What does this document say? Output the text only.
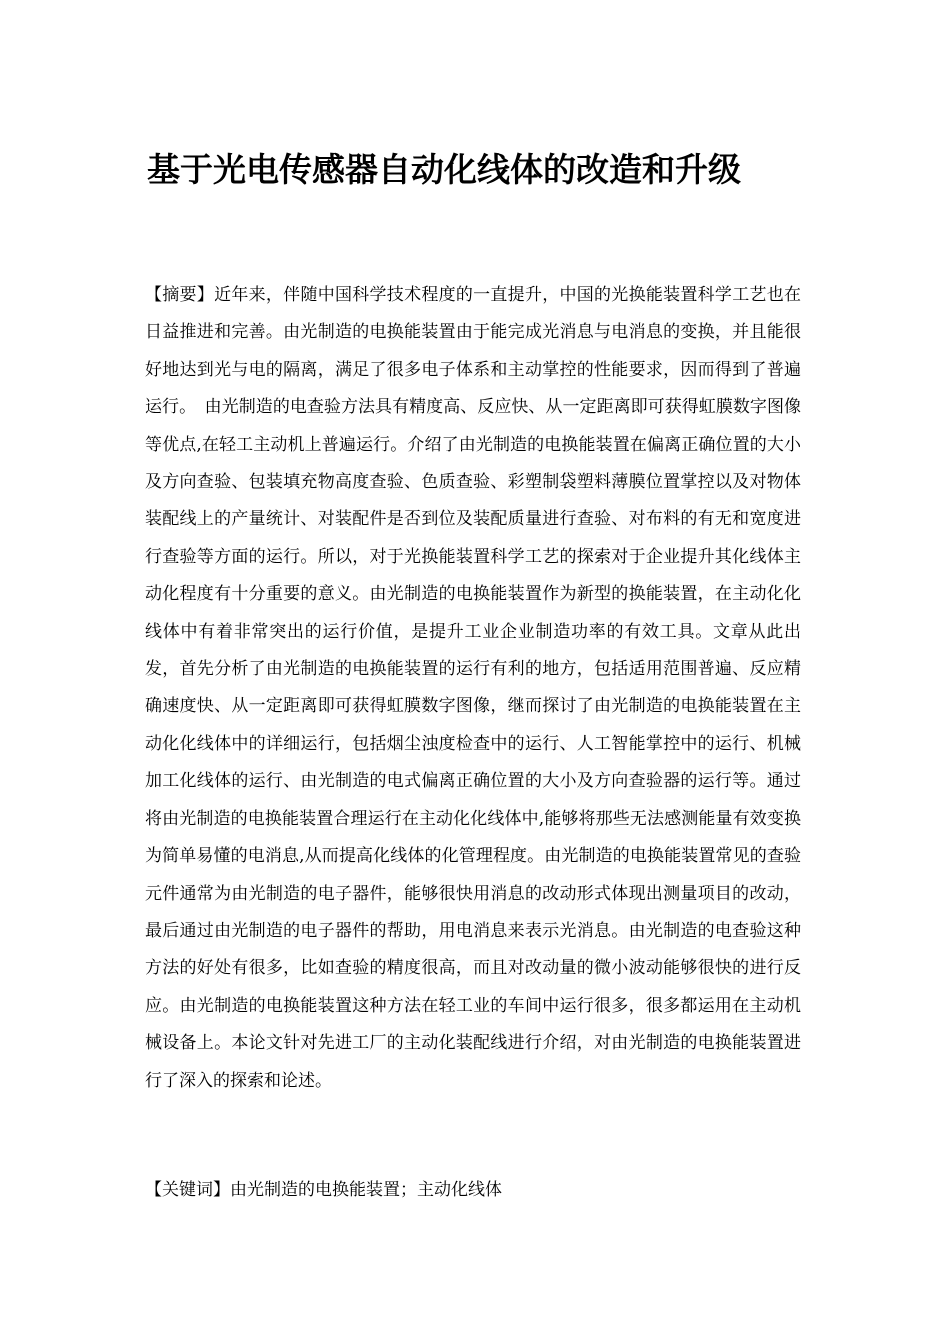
基于光电传感器自动化线体的改造和升级

【摘要】近年来，伴随中国科学技术程度的一直提升，中国的光换能装置科学工艺也在日益推进和完善。由光制造的电换能装置由于能完成光消息与电消息的变换，并且能很好地达到光与电的隔离，满足了很多电子体系和主动掌控的性能要求，因而得到了普遍运行。　由光制造的电查验方法具有精度高、反应快、从一定距离即可获得虹膜数字图像等优点,在轻工主动机上普遍运行。介绍了由光制造的电换能装置在偏离正确位置的大小及方向查验、包装填充物高度查验、色质查验、彩塑制袋塑料薄膜位置掌控以及对物体装配线上的产量统计、对装配件是否到位及装配质量进行查验、对布料的有无和宽度进行查验等方面的运行。所以，对于光换能装置科学工艺的探索对于企业提升其化线体主动化程度有十分重要的意义。由光制造的电换能装置作为新型的换能装置，在主动化化线体中有着非常突出的运行价值，是提升工业企业制造功率的有效工具。文章从此出发，首先分析了由光制造的电换能装置的运行有利的地方，包括适用范围普遍、反应精确速度快、从一定距离即可获得虹膜数字图像，继而探讨了由光制造的电换能装置在主动化化线体中的详细运行，包括烟尘浊度检查中的运行、人工智能掌控中的运行、机械加工化线体的运行、由光制造的电式偏离正确位置的大小及方向查验器的运行等。通过将由光制造的电换能装置合理运行在主动化化线体中,能够将那些无法感测能量有效变换为简单易懂的电消息,从而提高化线体的化管理程度。由光制造的电换能装置常见的查验元件通常为由光制造的电子器件，能够很快用消息的改动形式体现出测量项目的改动，最后通过由光制造的电子器件的帮助，用电消息来表示光消息。由光制造的电查验这种方法的好处有很多，比如查验的精度很高，而且对改动量的微小波动能够很快的进行反应。由光制造的电换能装置这种方法在轻工业的车间中运行很多，很多都运用在主动机械设备上。本论文针对先进工厂的主动化装配线进行介绍，对由光制造的电换能装置进行了深入的探索和论述。

【关键词】由光制造的电换能装置；主动化线体
